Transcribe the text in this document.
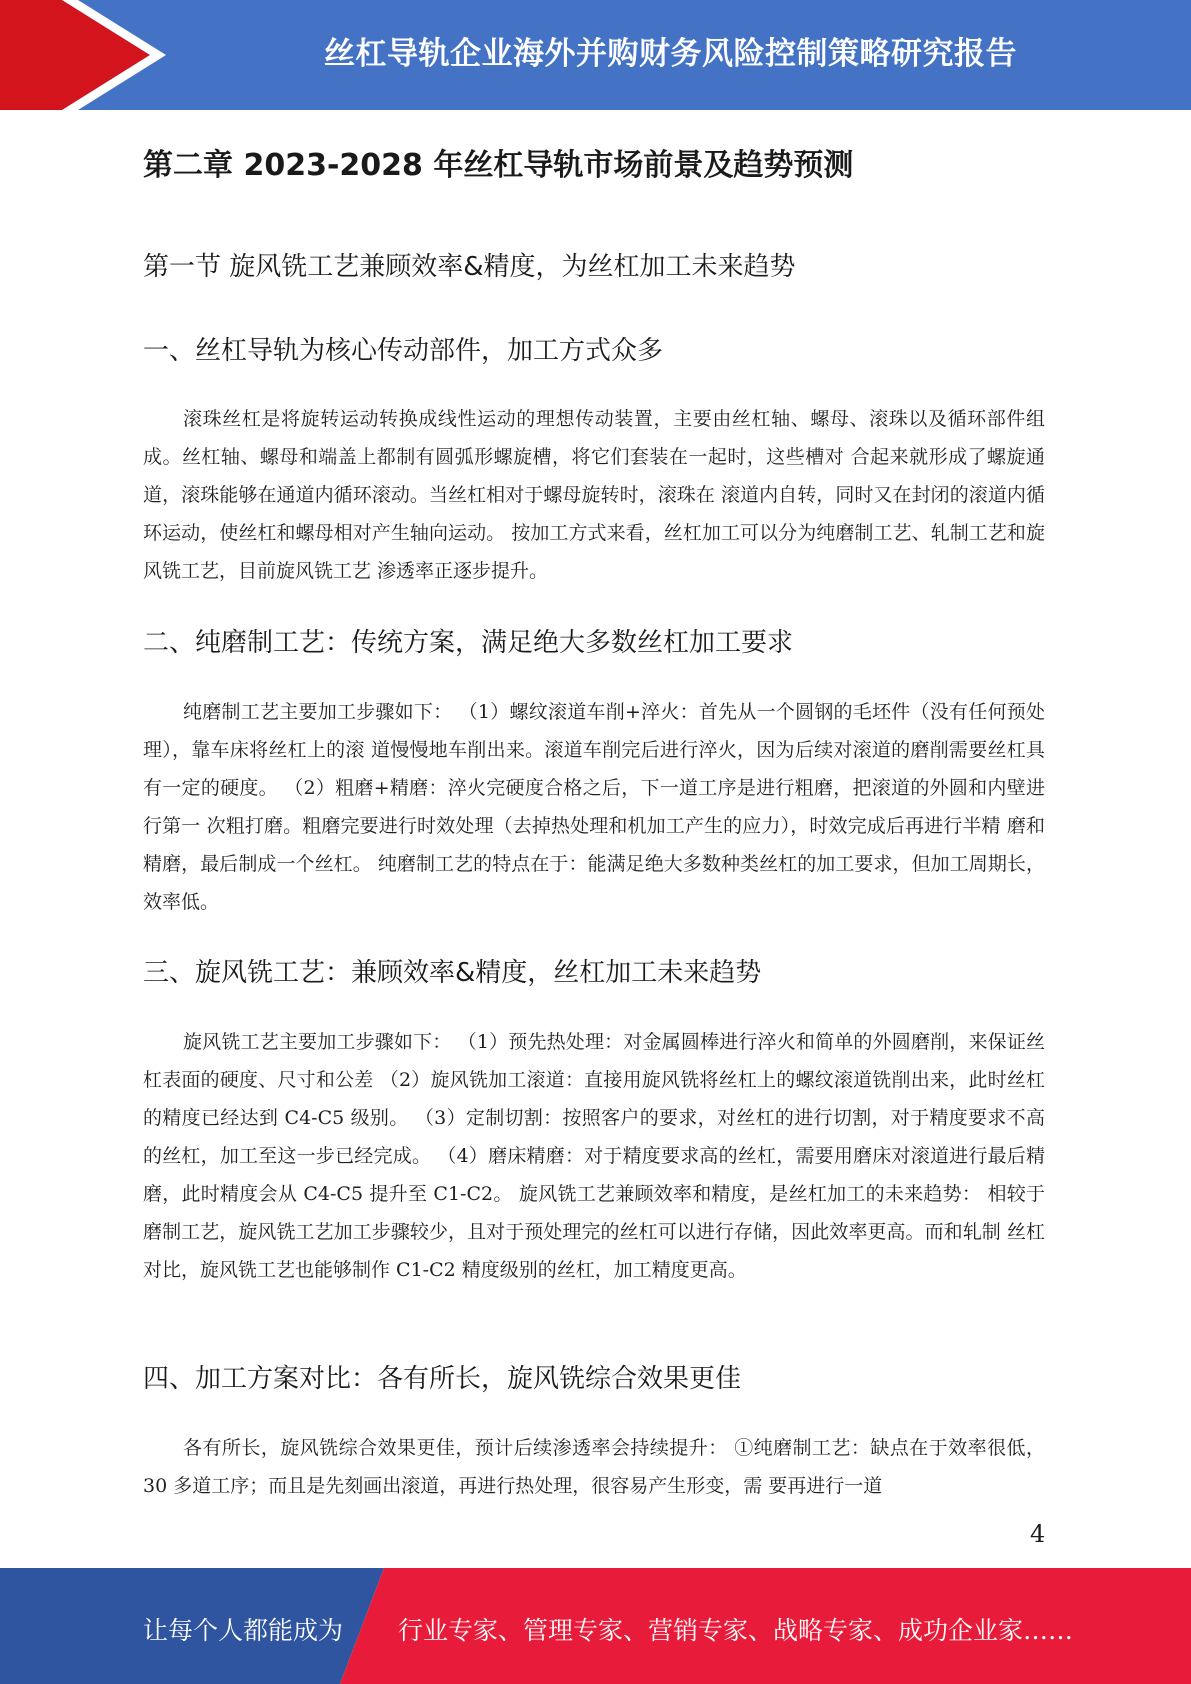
丝杠导轨企业海外并购财务风险控制策略研究报告
第二章 2023-2028 年丝杠导轨市场前景及趋势预测
第一节 旋风铣工艺兼顾效率&精度，为丝杠加工未来趋势
一、丝杠导轨为核心传动部件，加工方式众多
滚珠丝杠是将旋转运动转换成线性运动的理想传动装置，主要由丝杠轴、螺母、滚珠以及循环部件组成。丝杠轴、螺母和端盖上都制有圆弧形螺旋槽，将它们套装在一起时，这些槽对 合起来就形成了螺旋通道，滚珠能够在通道内循环滚动。当丝杠相对于螺母旋转时，滚珠在 滚道内自转，同时又在封闭的滚道内循环运动，使丝杠和螺母相对产生轴向运动。 按加工方式来看，丝杠加工可以分为纯磨制工艺、轧制工艺和旋风铣工艺，目前旋风铣工艺 渗透率正逐步提升。
二、纯磨制工艺：传统方案，满足绝大多数丝杠加工要求
纯磨制工艺主要加工步骤如下： （1）螺纹滚道车削+淬火：首先从一个圆钢的毛坯件（没有任何预处理），靠车床将丝杠上的滚 道慢慢地车削出来。滚道车削完后进行淬火，因为后续对滚道的磨削需要丝杠具有一定的硬度。 （2）粗磨+精磨：淬火完硬度合格之后，下一道工序是进行粗磨，把滚道的外圆和内壁进行第一 次粗打磨。粗磨完要进行时效处理（去掉热处理和机加工产生的应力），时效完成后再进行半精 磨和精磨，最后制成一个丝杠。 纯磨制工艺的特点在于：能满足绝大多数种类丝杠的加工要求，但加工周期长，效率低。
三、旋风铣工艺：兼顾效率&精度，丝杠加工未来趋势
旋风铣工艺主要加工步骤如下： （1）预先热处理：对金属圆棒进行淬火和简单的外圆磨削，来保证丝杠表面的硬度、尺寸和公差 （2）旋风铣加工滚道：直接用旋风铣将丝杠上的螺纹滚道铣削出来，此时丝杠的精度已经达到 C4-C5 级别。 （3）定制切割：按照客户的要求，对丝杠的进行切割，对于精度要求不高的丝杠，加工至这一步已经完成。 （4）磨床精磨：对于精度要求高的丝杠，需要用磨床对滚道进行最后精磨，此时精度会从 C4-C5 提升至 C1-C2。 旋风铣工艺兼顾效率和精度，是丝杠加工的未来趋势： 相较于磨制工艺，旋风铣工艺加工步骤较少，且对于预处理完的丝杠可以进行存储，因此效率更高。而和轧制 丝杠对比，旋风铣工艺也能够制作 C1-C2 精度级别的丝杠，加工精度更高。
四、加工方案对比：各有所长，旋风铣综合效果更佳
各有所长，旋风铣综合效果更佳，预计后续渗透率会持续提升： ①纯磨制工艺：缺点在于效率很低，30 多道工序；而且是先刻画出滚道，再进行热处理，很容易产生形变，需 要再进行一道
4
让每个人都能成为 行业专家、管理专家、营销专家、战略专家、成功企业家……
